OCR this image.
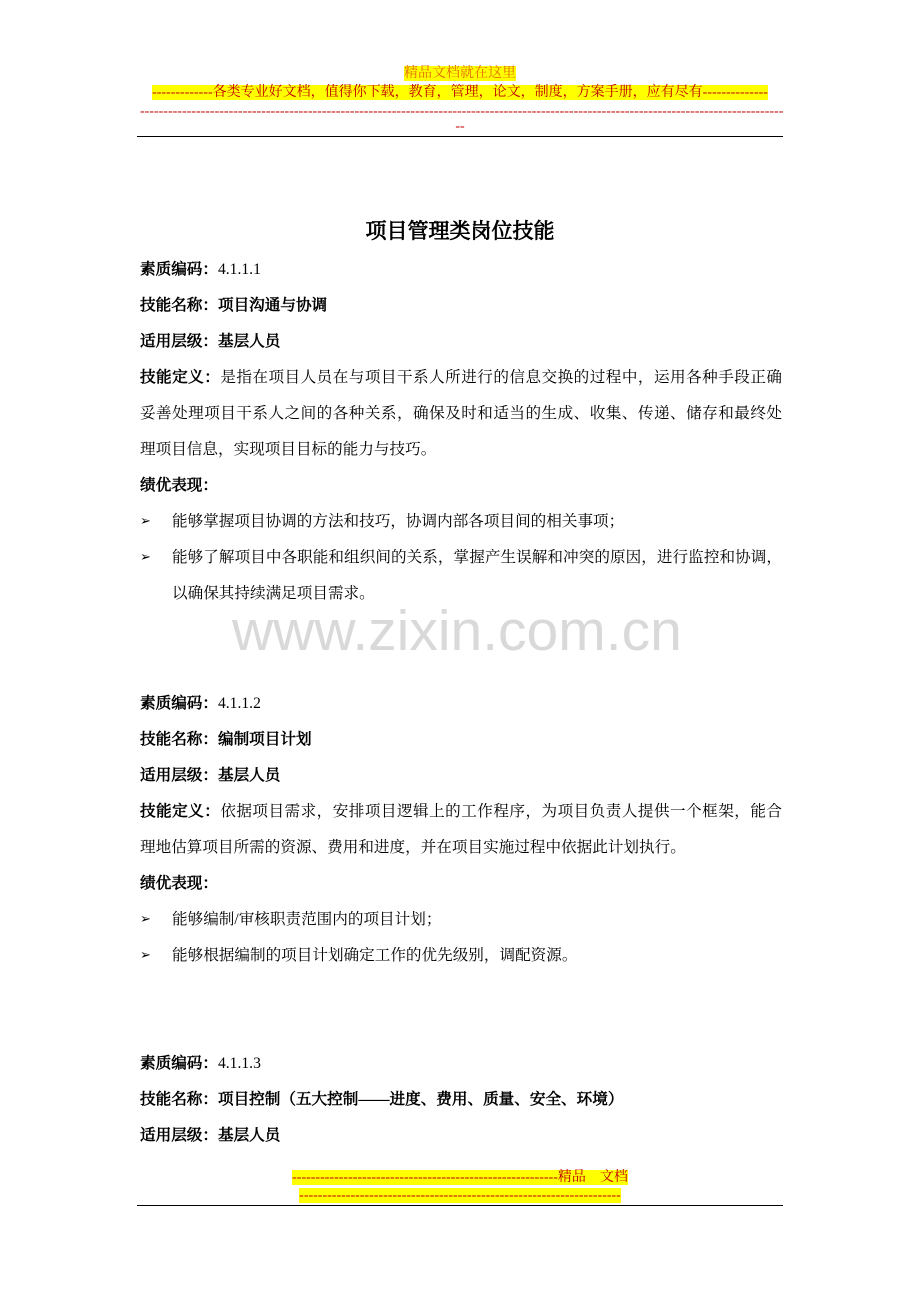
精品文档就在这里
-------------各类专业好文档，值得你下载，教育，管理，论文，制度，方案手册，应有尽有--------------
------------------------------------------------------------------------------------------------------------------------------------------
--
项目管理类岗位技能
素质编码：4.1.1.1
技能名称：项目沟通与协调
适用层级：基层人员
技能定义：是指在项目人员在与项目干系人所进行的信息交换的过程中，运用各种手段正确
妥善处理项目干系人之间的各种关系，确保及时和适当的生成、收集、传递、储存和最终处
理项目信息，实现项目目标的能力与技巧。
绩优表现：
➢ 能够掌握项目协调的方法和技巧，协调内部各项目间的相关事项；
➢ 能够了解项目中各职能和组织间的关系，掌握产生误解和冲突的原因，进行监控和协调，
以确保其持续满足项目需求。
www.zixin.com.cn
素质编码：4.1.1.2
技能名称：编制项目计划
适用层级：基层人员
技能定义：依据项目需求，安排项目逻辑上的工作程序，为项目负责人提供一个框架，能合
理地估算项目所需的资源、费用和进度，并在项目实施过程中依据此计划执行。
绩优表现：
➢ 能够编制/审核职责范围内的项目计划；
➢ 能够根据编制的项目计划确定工作的优先级别，调配资源。
素质编码：4.1.1.3
技能名称：项目控制（五大控制——进度、费用、质量、安全、环境）
适用层级：基层人员
---------------------------------------------------------精品　文档
---------------------------------------------------------------------
